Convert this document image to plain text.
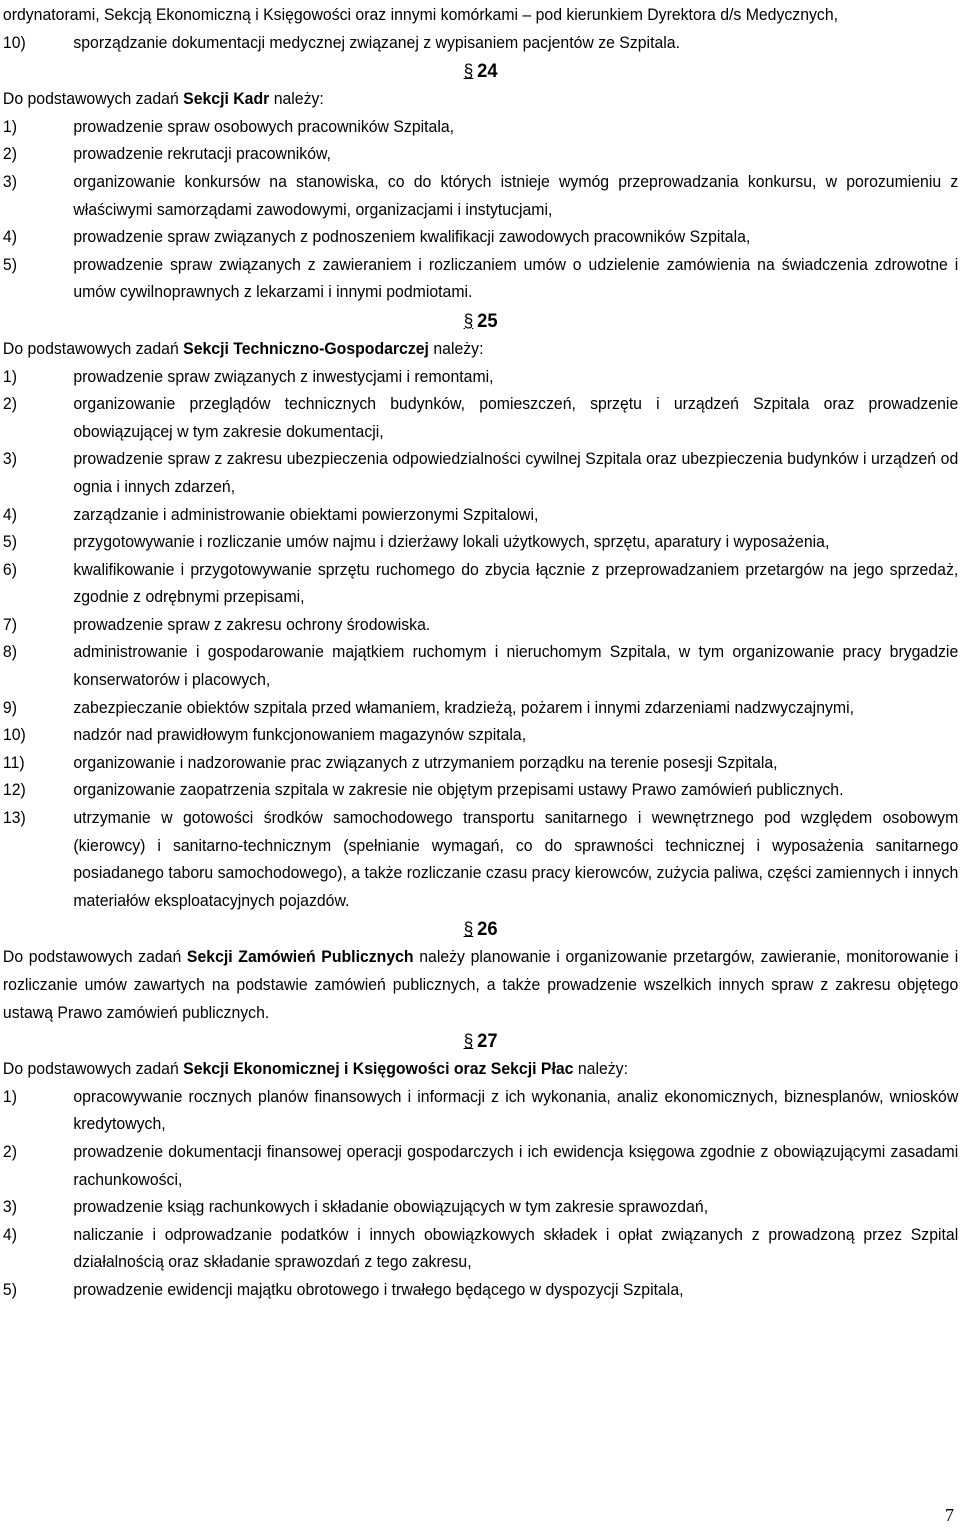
ordynatorami, Sekcją Ekonomiczną i Księgowości oraz innymi komórkami – pod kierunkiem Dyrektora d/s Medycznych,

10)	sporządzanie dokumentacji medycznej związanej z wypisaniem pacjentów ze Szpitala.

§ 24

Do podstawowych zadań Sekcji Kadr należy:

1)	prowadzenie spraw osobowych pracowników Szpitala,

2)	prowadzenie rekrutacji pracowników,

3)	organizowanie konkursów na stanowiska, co do których istnieje wymóg przeprowadzania konkursu, w porozumieniu z właściwymi samorządami zawodowymi, organizacjami i instytucjami,

4)	prowadzenie spraw związanych z podnoszeniem kwalifikacji zawodowych pracowników Szpitala,

5)	prowadzenie spraw związanych z zawieraniem i rozliczaniem umów o udzielenie zamówienia na świadczenia zdrowotne i umów cywilnoprawnych z lekarzami i innymi podmiotami.

§ 25

Do podstawowych zadań Sekcji Techniczno-Gospodarczej należy:

1)	prowadzenie spraw związanych z inwestycjami i remontami,

2)	organizowanie przeglądów technicznych budynków, pomieszczeń, sprzętu i urządzeń Szpitala oraz prowadzenie obowiązującej w tym zakresie dokumentacji,

3)	prowadzenie spraw z zakresu ubezpieczenia odpowiedzialności cywilnej Szpitala oraz ubezpieczenia budynków i urządzeń od ognia i innych zdarzeń,

4)	zarządzanie i administrowanie obiektami powierzonymi Szpitalowi,

5)	przygotowywanie i rozliczanie umów najmu i dzierżawy lokali użytkowych, sprzętu, aparatury i wyposażenia,

6)	kwalifikowanie i przygotowywanie sprzętu ruchomego do zbycia łącznie z przeprowadzaniem przetargów na jego sprzedaż, zgodnie z odrębnymi przepisami,

7)	prowadzenie spraw z zakresu ochrony środowiska.

8)	administrowanie i gospodarowanie majątkiem ruchomym i nieruchomym Szpitala, w tym organizowanie pracy brygadzie konserwatorów i placowych,

9)	zabezpieczanie obiektów szpitala przed włamaniem, kradzieżą, pożarem i innymi zdarzeniami nadzwyczajnymi,

10)	nadzór nad prawidłowym funkcjonowaniem magazynów szpitala,

11)	organizowanie i nadzorowanie prac związanych z utrzymaniem porządku na terenie posesji Szpitala,

12)	organizowanie zaopatrzenia szpitala w zakresie nie objętym przepisami ustawy Prawo zamówień publicznych.

13)	utrzymanie w gotowości środków samochodowego transportu sanitarnego i wewnętrznego pod względem osobowym (kierowcy) i sanitarno-technicznym (spełnianie wymagań, co do sprawności technicznej i wyposażenia sanitarnego posiadanego taboru samochodowego), a także rozliczanie czasu pracy kierowców, zużycia paliwa, części zamiennych i innych materiałów eksploatacyjnych pojazdów.

§ 26

Do podstawowych zadań Sekcji Zamówień Publicznych należy planowanie i organizowanie przetargów, zawieranie, monitorowanie i rozliczanie umów zawartych na podstawie zamówień publicznych, a także prowadzenie wszelkich innych spraw z zakresu objętego ustawą Prawo zamówień publicznych.

§ 27

Do podstawowych zadań Sekcji Ekonomicznej i Księgowości oraz Sekcji Płac należy:

1)	opracowywanie rocznych planów finansowych i informacji z ich wykonania, analiz ekonomicznych, biznesplanów, wniosków kredytowych,

2)	prowadzenie dokumentacji finansowej operacji gospodarczych i ich ewidencja księgowa zgodnie z obowiązującymi zasadami rachunkowości,

3)	prowadzenie ksiąg rachunkowych i składanie obowiązujących w tym zakresie sprawozdań,

4)	naliczanie i odprowadzanie podatków i innych obowiązkowych składek i opłat związanych z prowadzoną przez Szpital działalnością oraz składanie sprawozdań z tego zakresu,

5)	prowadzenie ewidencji majątku obrotowego i trwałego będącego w dyspozycji Szpitala,

7
